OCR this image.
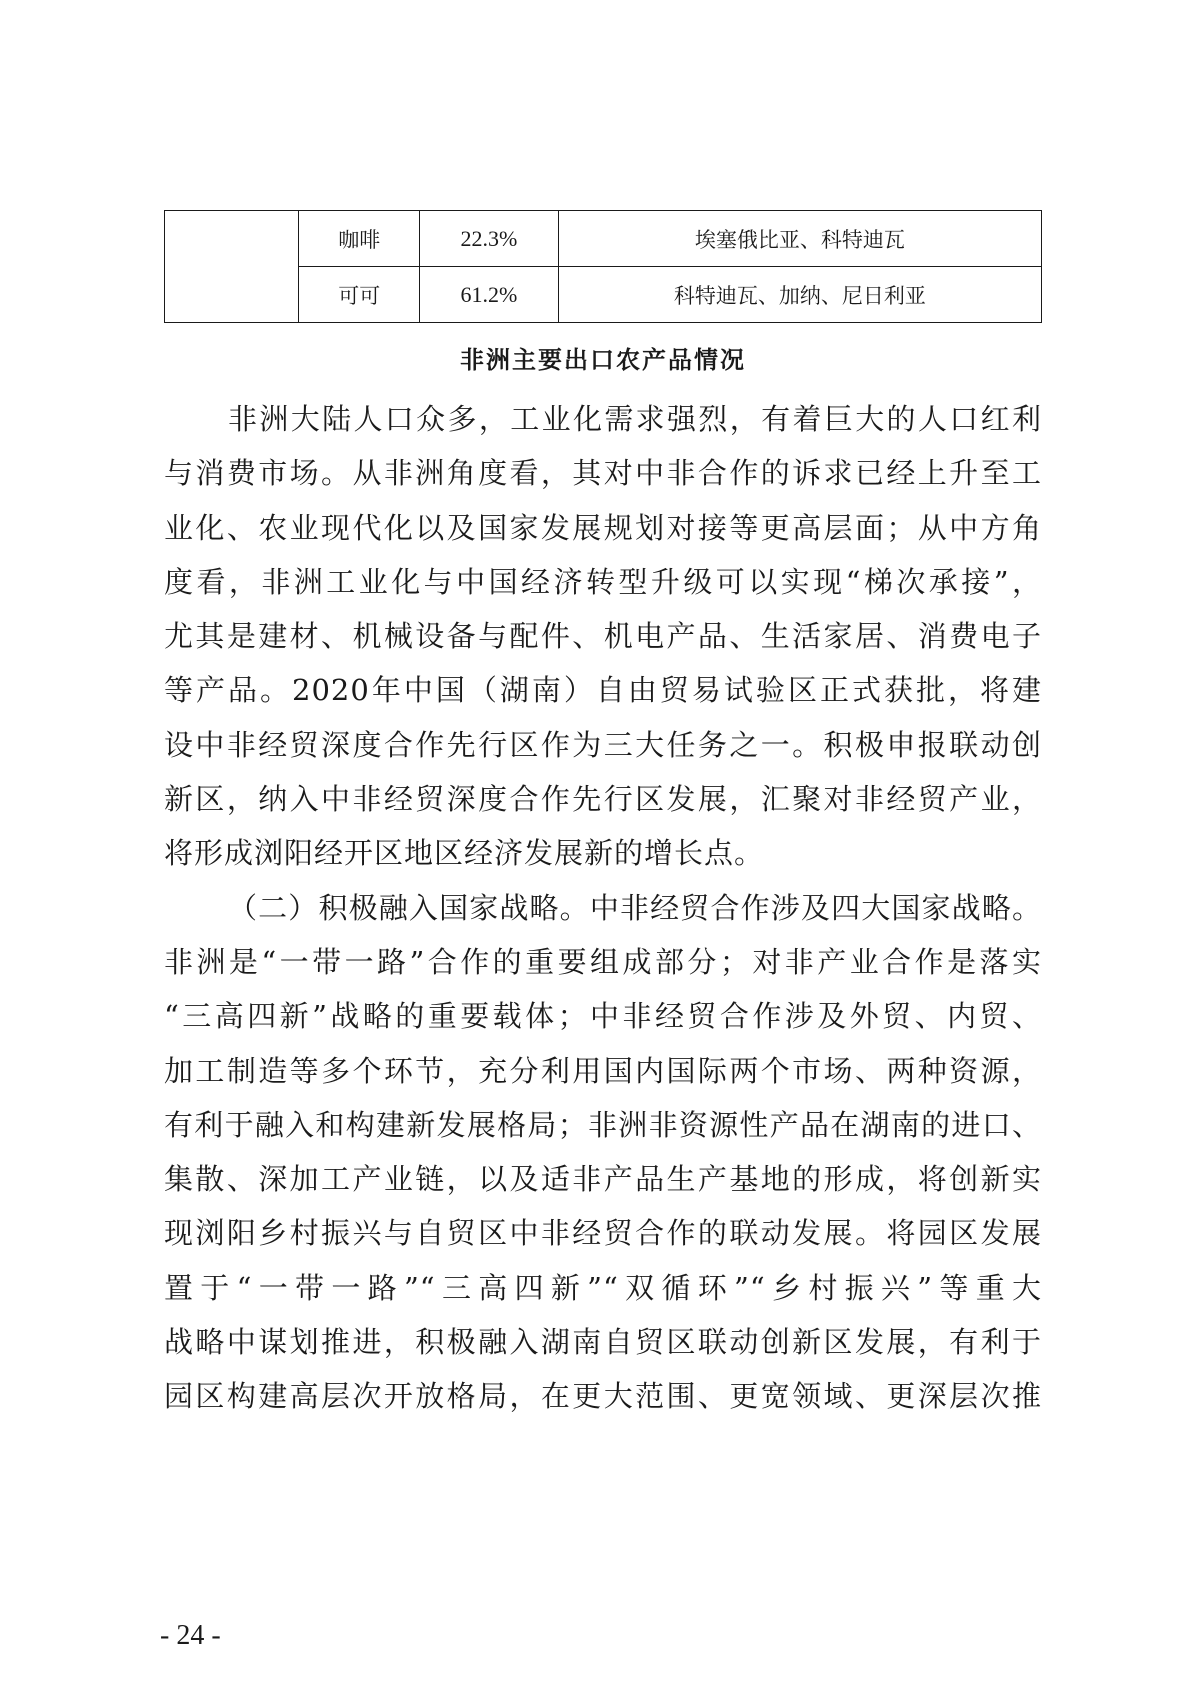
	咖啡	22.3%	埃塞俄比亚、科特迪瓦
	可可	61.2%	科特迪瓦、加纳、尼日利亚
非洲主要出口农产品情况

非洲大陆人口众多，工业化需求强烈，有着巨大的人口红利
与消费市场。从非洲角度看，其对中非合作的诉求已经上升至工
业化、农业现代化以及国家发展规划对接等更高层面；从中方角
度看，非洲工业化与中国经济转型升级可以实现“梯次承接”，
尤其是建材、机械设备与配件、机电产品、生活家居、消费电子
等产品。2020年中国（湖南）自由贸易试验区正式获批，将建
设中非经贸深度合作先行区作为三大任务之一。积极申报联动创
新区，纳入中非经贸深度合作先行区发展，汇聚对非经贸产业，
将形成浏阳经开区地区经济发展新的增长点。

（二）积极融入国家战略。中非经贸合作涉及四大国家战略。
非洲是“一带一路”合作的重要组成部分；对非产业合作是落实
“三高四新”战略的重要载体；中非经贸合作涉及外贸、内贸、
加工制造等多个环节，充分利用国内国际两个市场、两种资源，
有利于融入和构建新发展格局；非洲非资源性产品在湖南的进口、
集散、深加工产业链，以及适非产品生产基地的形成，将创新实
现浏阳乡村振兴与自贸区中非经贸合作的联动发展。将园区发展
置于“一带一路”“三高四新”“双循环”“乡村振兴”等重大
战略中谋划推进，积极融入湖南自贸区联动创新区发展，有利于
园区构建高层次开放格局，在更大范围、更宽领域、更深层次推

- 24 -
